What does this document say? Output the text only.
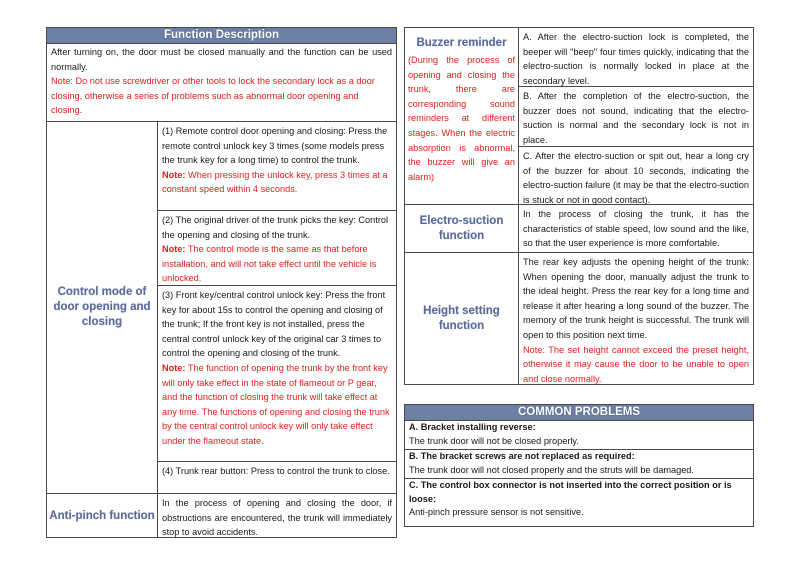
Function Description
After turning on, the door must be closed manually and the function can be used normally.
Note: Do not use screwdriver or other tools to lock the secondary lock as a door closing, otherwise a series of problems such as abnormal door opening and closing.
Control mode of door opening and closing
(1) Remote control door opening and closing: Press the remote control unlock key 3 times (some models press the trunk key for a long time) to control the trunk.
Note: When pressing the unlock key, press 3 times at a constant speed within 4 seconds.
(2) The original driver of the trunk picks the key: Control the opening and closing of the trunk.
Note: The control mode is the same as that before installation, and will not take effect until the vehicle is unlocked.
(3) Front key/central control unlock key: Press the front key for about 15s to control the opening and closing of the trunk; If the front key is not installed, press the central control unlock key of the original car 3 times to control the opening and closing of the trunk.
Note: The function of opening the trunk by the front key will only take effect in the state of flameout or P gear, and the function of closing the trunk will take effect at any time. The functions of opening and closing the trunk by the central control unlock key will only take effect under the flameout state.
(4) Trunk rear button: Press to control the trunk to close.
Anti-pinch function
In the process of opening and closing the door, if obstructions are encountered, the trunk will immediately stop to avoid accidents.
Buzzer reminder
(During the process of opening and closing the trunk, there are corresponding sound reminders at different stages. When the electric absorption is abnormal, the buzzer will give an alarm)
A. After the electro-suction lock is completed, the beeper will "beep" four times quickly, indicating that the electro-suction is normally locked in place at the secondary level.
B. After the completion of the electro-suction, the buzzer does not sound, indicating that the electro-suction is normal and the secondary lock is not in place.
C. After the electro-suction or spit out, hear a long cry of the buzzer for about 10 seconds, indicating the electro-suction failure (it may be that the electro-suction is stuck or not in good contact).
Electro-suction function
In the process of closing the trunk, it has the characteristics of stable speed, low sound and the like, so that the user experience is more comfortable.
Height setting function
The rear key adjusts the opening height of the trunk: When opening the door, manually adjust the trunk to the ideal height. Press the rear key for a long time and release it after hearing a long sound of the buzzer. The memory of the trunk height is successful. The trunk will open to this position next time.
Note: The set height cannot exceed the preset height, otherwise it may cause the door to be unable to open and close normally.
COMMON PROBLEMS
A. Bracket installing reverse:
The trunk door will not be closed properly.
B. The bracket screws are not replaced as required:
The trunk door will not closed properly and the struts will be damaged.
C. The control box connector is not inserted into the correct position or is loose:
Anti-pinch pressure sensor is not sensitive.
